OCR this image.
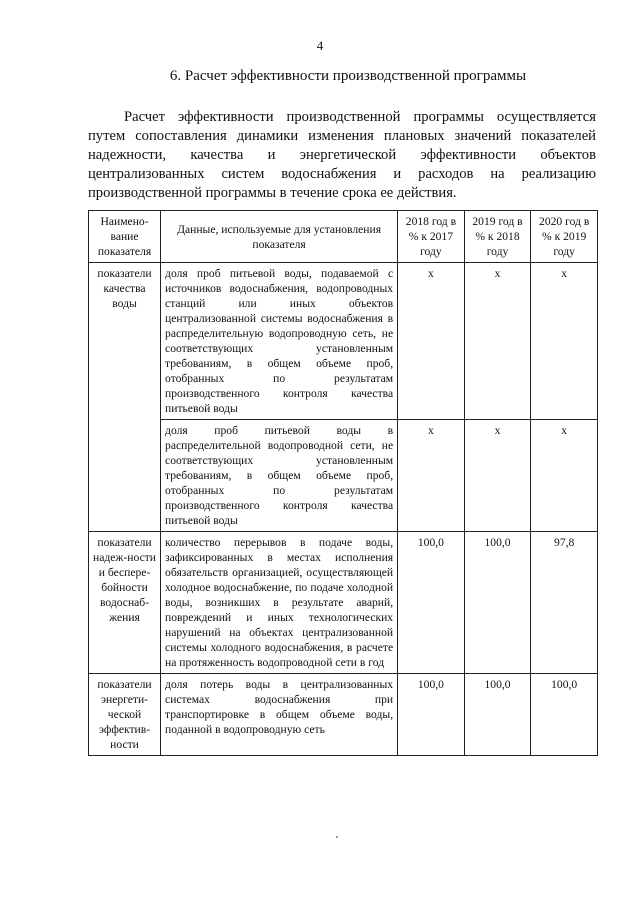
4
6. Расчет эффективности производственной программы

Расчет эффективности производственной программы осуществляется путем сопоставления динамики изменения плановых значений показателей надежности, качества и энергетической эффективности объектов централизованных систем водоснабжения и расходов на реализацию производственной программы в течение срока ее действия.

Наимено-вание показателя	Данные, используемые для установления показателя	2018 год в % к 2017 году	2019 год в % к 2018 году	2020 год в % к 2019 году
показатели качества воды	доля проб питьевой воды, подаваемой с источников водоснабжения, водопроводных станций или иных объектов централизованной системы водоснабжения в распределительную водопроводную сеть, не соответствующих установленным требованиям, в общем объеме проб, отобранных по результатам производственного контроля качества питьевой воды	x	x	x
	доля проб питьевой воды в распределительной водопроводной сети, не соответствующих установленным требованиям, в общем объеме проб, отобранных по результатам производственного контроля качества питьевой воды	x	x	x
показатели надеж-ности и беспере-бойности водоснаб-жения	количество перерывов в подаче воды, зафиксированных в местах исполнения обязательств организацией, осуществляющей холодное водоснабжение, по подаче холодной воды, возникших в результате аварий, повреждений и иных технологических нарушений на объектах централизованной системы холодного водоснабжения, в расчете на протяженность водопроводной сети в год	100,0	100,0	97,8
показатели энергети-ческой эффектив-ности	доля потерь воды в централизованных системах водоснабжения при транспортировке в общем объеме воды, поданной в водопроводную сеть	100,0	100,0	100,0
